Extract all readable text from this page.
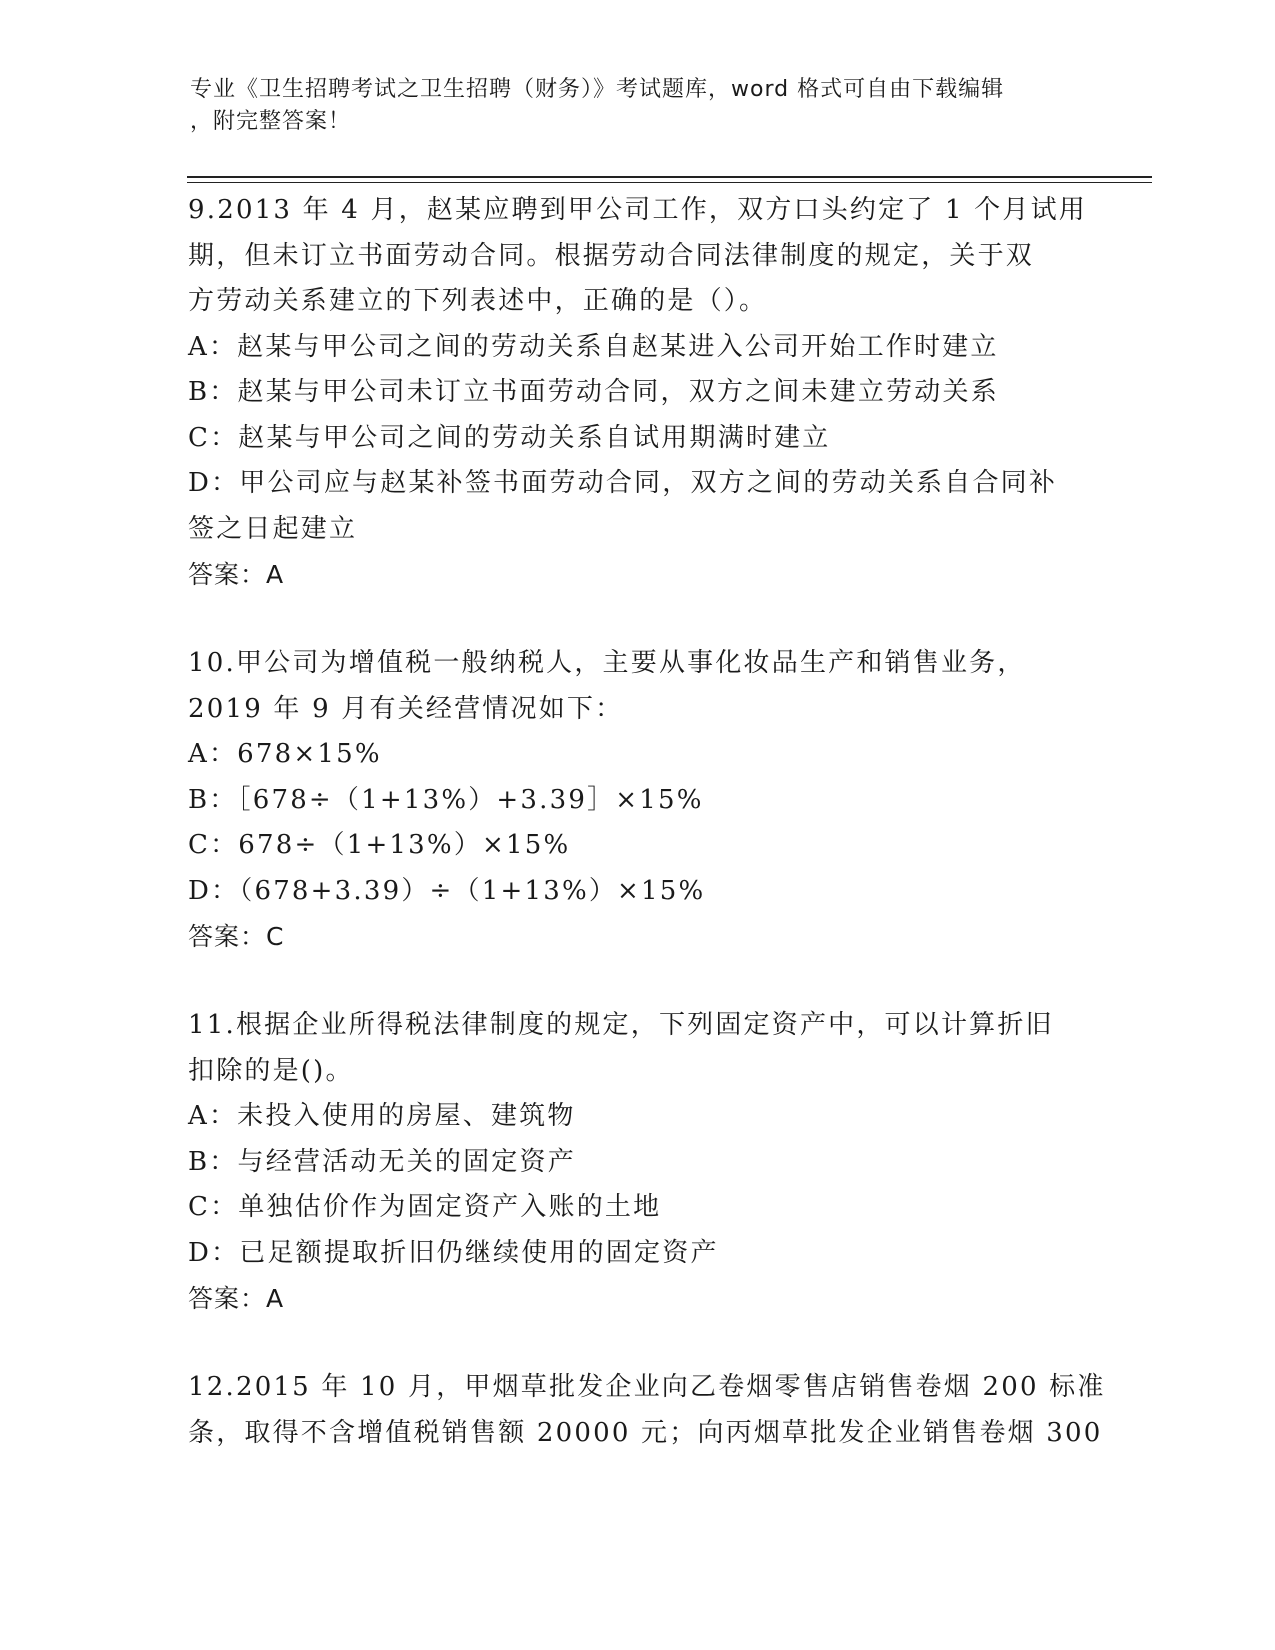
专业《卫生招聘考试之卫生招聘（财务）》考试题库，word 格式可自由下载编辑
，附完整答案！
9.2013 年 4 月，赵某应聘到甲公司工作，双方口头约定了 1 个月试用
期，但未订立书面劳动合同。根据劳动合同法律制度的规定，关于双
方劳动关系建立的下列表述中，正确的是（）。
A：赵某与甲公司之间的劳动关系自赵某进入公司开始工作时建立
B：赵某与甲公司未订立书面劳动合同，双方之间未建立劳动关系
C：赵某与甲公司之间的劳动关系自试用期满时建立
D：甲公司应与赵某补签书面劳动合同，双方之间的劳动关系自合同补
签之日起建立
答案：A
10.甲公司为增值税一般纳税人，主要从事化妆品生产和销售业务，
2019 年 9 月有关经营情况如下：
A：678×15%
B：［678÷（1+13%）+3.39］×15%
C：678÷（1+13%）×15%
D：（678+3.39）÷（1+13%）×15%
答案：C
11.根据企业所得税法律制度的规定，下列固定资产中，可以计算折旧
扣除的是()。
A：未投入使用的房屋、建筑物
B：与经营活动无关的固定资产
C：单独估价作为固定资产入账的土地
D：已足额提取折旧仍继续使用的固定资产
答案：A
12.2015 年 10 月，甲烟草批发企业向乙卷烟零售店销售卷烟 200 标准
条，取得不含增值税销售额 20000 元；向丙烟草批发企业销售卷烟 300
